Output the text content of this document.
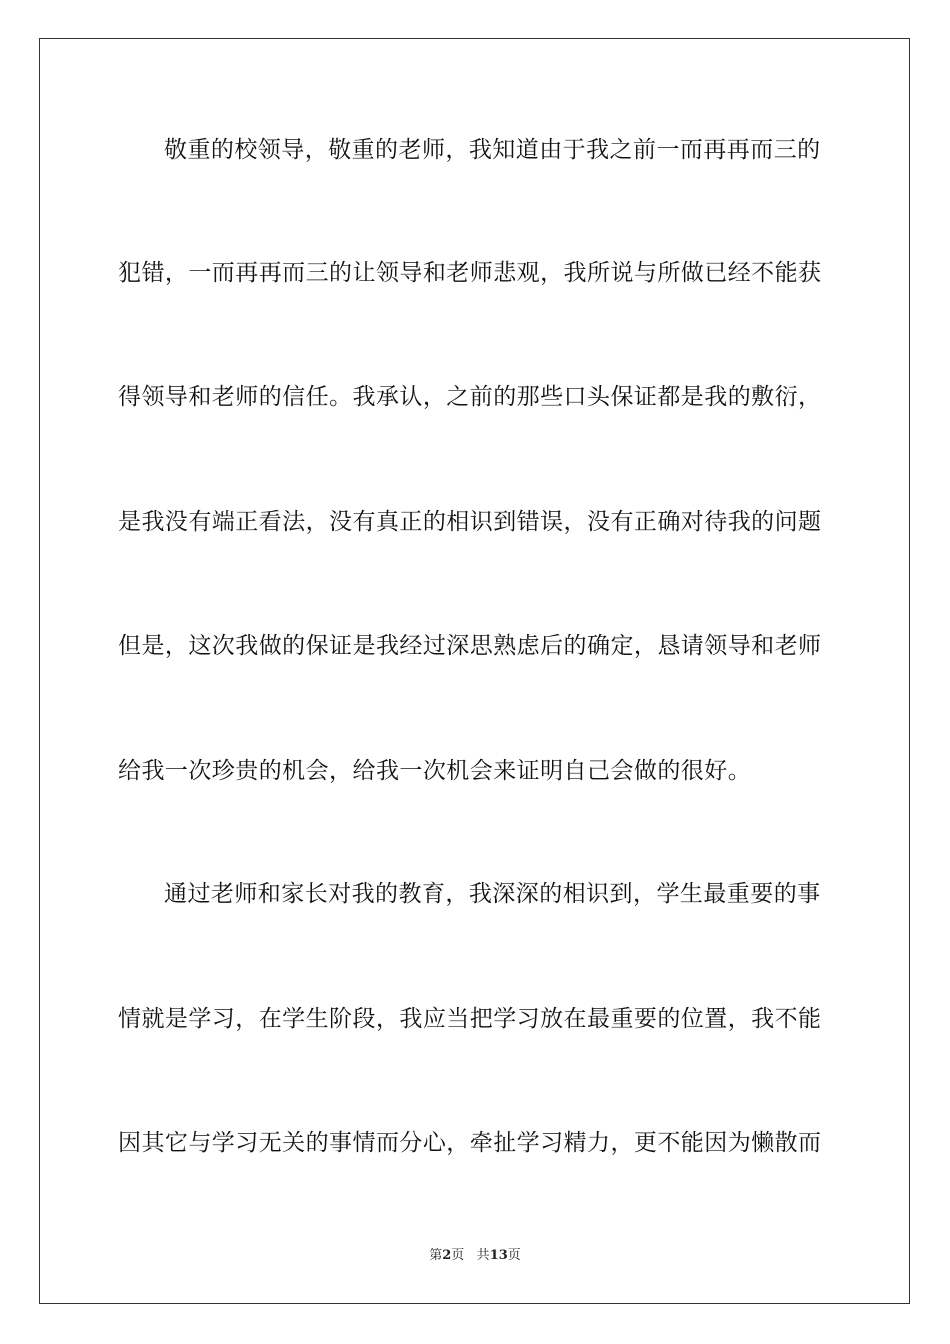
敬重的校领导，敬重的老师，我知道由于我之前一而再再而三的
犯错，一而再再而三的让领导和老师悲观，我所说与所做已经不能获
得领导和老师的信任。我承认，之前的那些口头保证都是我的敷衍，
是我没有端正看法，没有真正的相识到错误，没有正确对待我的问题
但是，这次我做的保证是我经过深思熟虑后的确定，恳请领导和老师
给我一次珍贵的机会，给我一次机会来证明自己会做的很好。
通过老师和家长对我的教育，我深深的相识到，学生最重要的事
情就是学习，在学生阶段，我应当把学习放在最重要的位置，我不能
因其它与学习无关的事情而分心，牵扯学习精力，更不能因为懒散而
第2页 共13页
